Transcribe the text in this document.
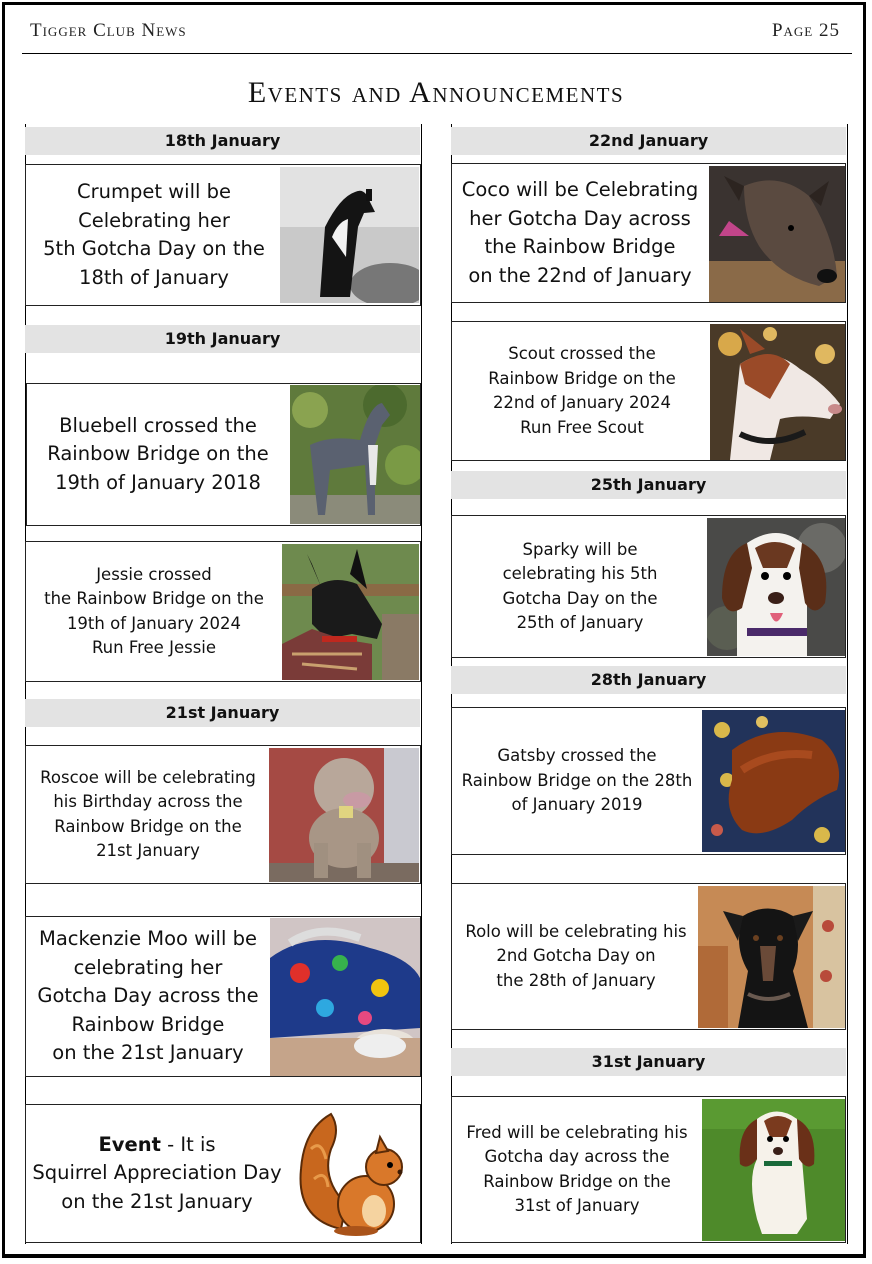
Tigger Club News	Page 25
Events and Announcements
18th January
Crumpet will be
Celebrating her
5th Gotcha Day on the
18th of January
19th January
Bluebell crossed the
Rainbow Bridge on the
19th of January 2018
Jessie crossed
the Rainbow Bridge on the
19th of January 2024
Run Free Jessie
21st January
Roscoe will be celebrating
his Birthday across the
Rainbow Bridge on the
21st January
Mackenzie Moo will be
celebrating her
Gotcha Day across the
Rainbow Bridge
on the 21st January
Event - It is
Squirrel Appreciation Day
on the 21st January
22nd January
Coco will be Celebrating
her Gotcha Day across
the Rainbow Bridge
on the 22nd of January
Scout crossed the
Rainbow Bridge on the
22nd of January 2024
Run Free Scout
25th January
Sparky will be
celebrating his 5th
Gotcha Day on the
25th of January
28th January
Gatsby crossed the
Rainbow Bridge on the 28th
of January 2019
Rolo will be celebrating his
2nd Gotcha Day on
the 28th of January
31st January
Fred will be celebrating his
Gotcha day across the
Rainbow Bridge on the
31st of January
